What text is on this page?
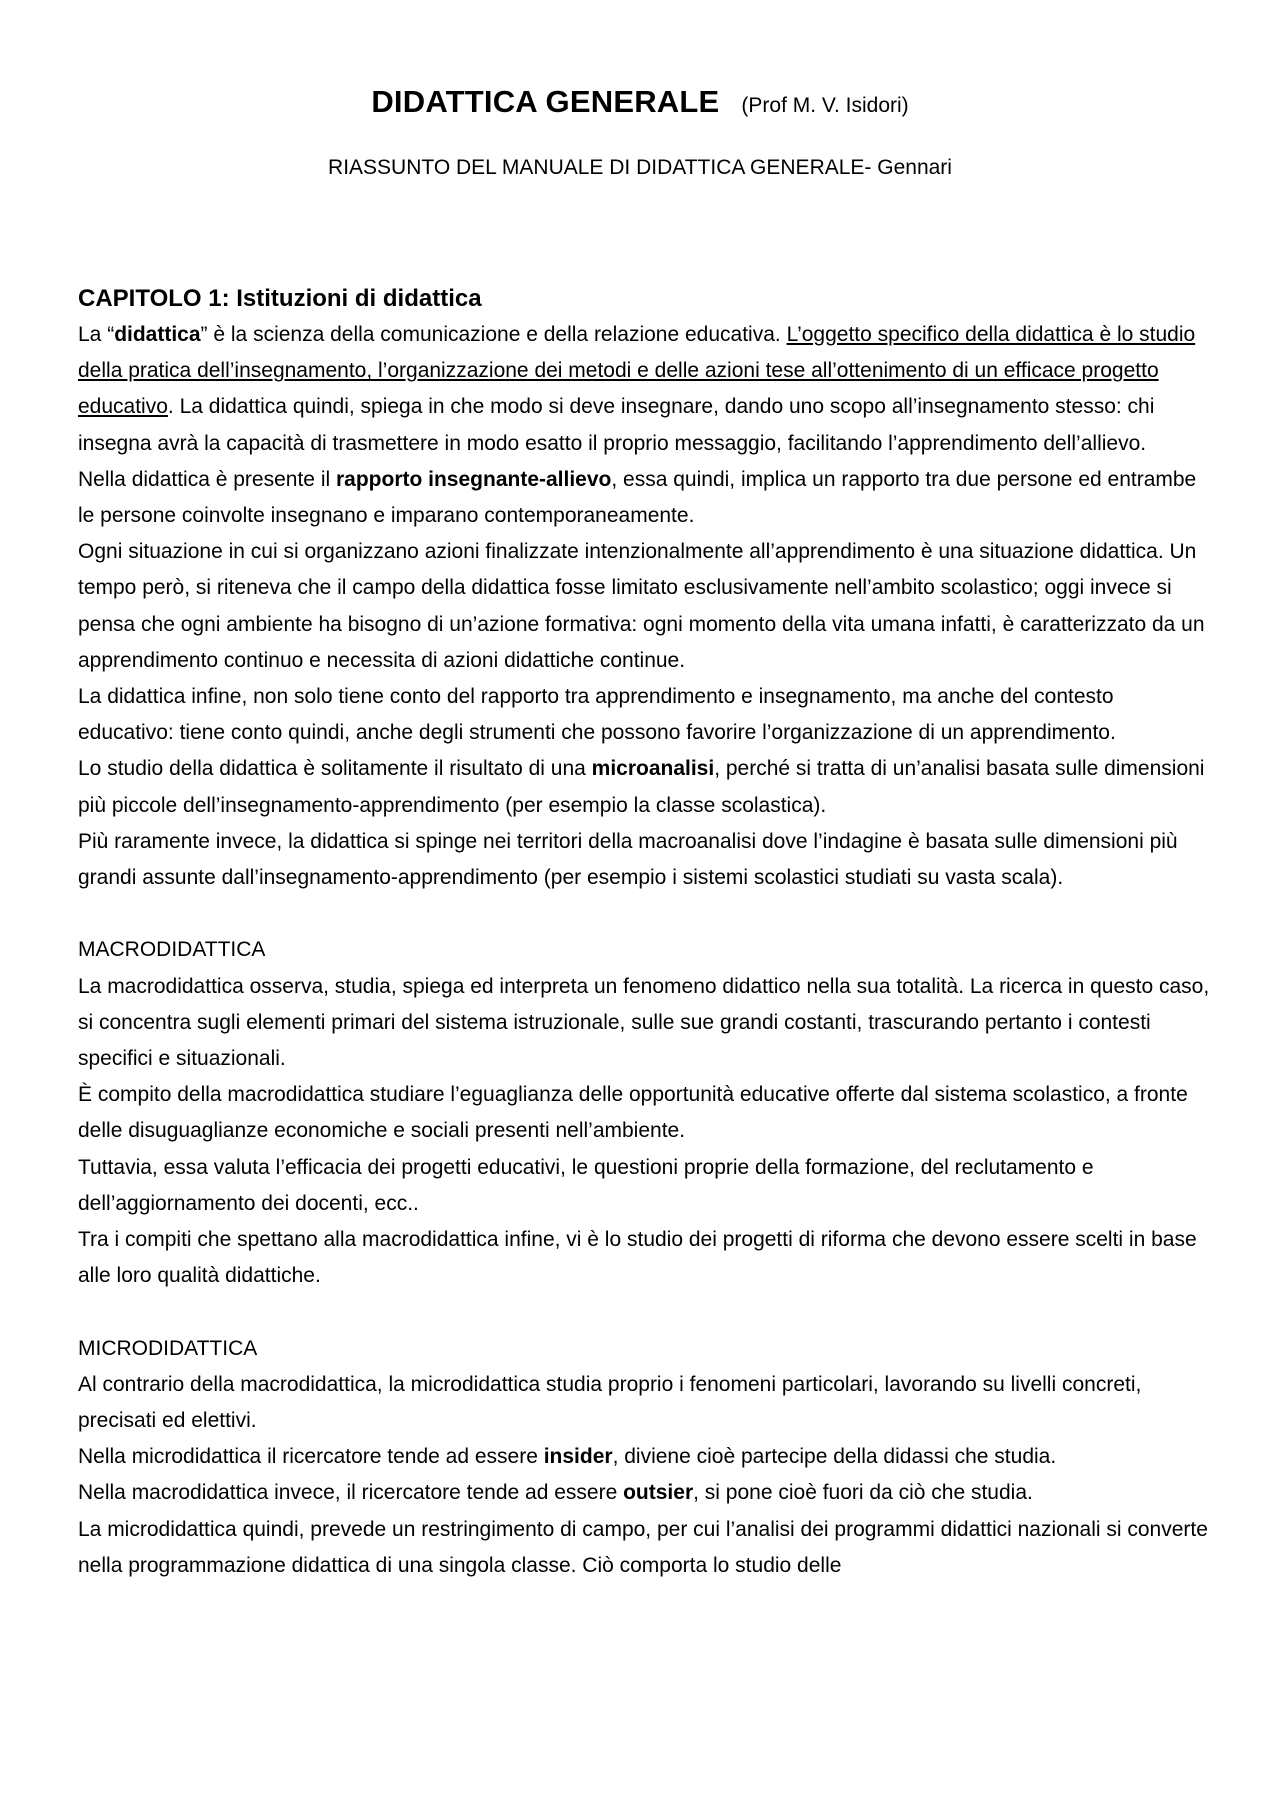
DIDATTICA GENERALE (Prof M. V. Isidori)
RIASSUNTO DEL MANUALE DI DIDATTICA GENERALE- Gennari
CAPITOLO 1: Istituzioni di didattica

La “didattica” è la scienza della comunicazione e della relazione educativa. L’oggetto specifico della didattica è lo studio della pratica dell’insegnamento, l’organizzazione dei metodi e delle azioni tese all’ottenimento di un efficace progetto educativo. La didattica quindi, spiega in che modo si deve insegnare, dando uno scopo all’insegnamento stesso: chi insegna avrà la capacità di trasmettere in modo esatto il proprio messaggio, facilitando l’apprendimento dell’allievo.

Nella didattica è presente il rapporto insegnante-allievo, essa quindi, implica un rapporto tra due persone ed entrambe le persone coinvolte insegnano e imparano contemporaneamente.

Ogni situazione in cui si organizzano azioni finalizzate intenzionalmente all’apprendimento è una situazione didattica. Un tempo però, si riteneva che il campo della didattica fosse limitato esclusivamente nell’ambito scolastico; oggi invece si pensa che ogni ambiente ha bisogno di un’azione formativa: ogni momento della vita umana infatti, è caratterizzato da un apprendimento continuo e necessita di azioni didattiche continue.

La didattica infine, non solo tiene conto del rapporto tra apprendimento e insegnamento, ma anche del contesto educativo: tiene conto quindi, anche degli strumenti che possono favorire l’organizzazione di un apprendimento.

Lo studio della didattica è solitamente il risultato di una microanalisi, perché si tratta di un’analisi basata sulle dimensioni più piccole dell’insegnamento-apprendimento (per esempio la classe scolastica).

Più raramente invece, la didattica si spinge nei territori della macroanalisi dove l’indagine è basata sulle dimensioni più grandi assunte dall’insegnamento-apprendimento (per esempio i sistemi scolastici studiati su vasta scala).

MACRODIDATTICA

La macrodidattica osserva, studia, spiega ed interpreta un fenomeno didattico nella sua totalità. La ricerca in questo caso, si concentra sugli elementi primari del sistema istruzionale, sulle sue grandi costanti, trascurando pertanto i contesti specifici e situazionali.

È compito della macrodidattica studiare l’eguaglianza delle opportunità educative offerte dal sistema scolastico, a fronte delle disuguaglianze economiche e sociali presenti nell’ambiente.

Tuttavia, essa valuta l’efficacia dei progetti educativi, le questioni proprie della formazione, del reclutamento e dell’aggiornamento dei docenti, ecc..

Tra i compiti che spettano alla macrodidattica infine, vi è lo studio dei progetti di riforma che devono essere scelti in base alle loro qualità didattiche.

MICRODIDATTICA

Al contrario della macrodidattica, la microdidattica studia proprio i fenomeni particolari, lavorando su livelli concreti, precisati ed elettivi.

Nella microdidattica il ricercatore tende ad essere insider, diviene cioè partecipe della didassi che studia.

Nella macrodidattica invece, il ricercatore tende ad essere outsier, si pone cioè fuori da ciò che studia.

La microdidattica quindi, prevede un restringimento di campo, per cui l’analisi dei programmi didattici nazionali si converte nella programmazione didattica di una singola classe. Ciò comporta lo studio delle
